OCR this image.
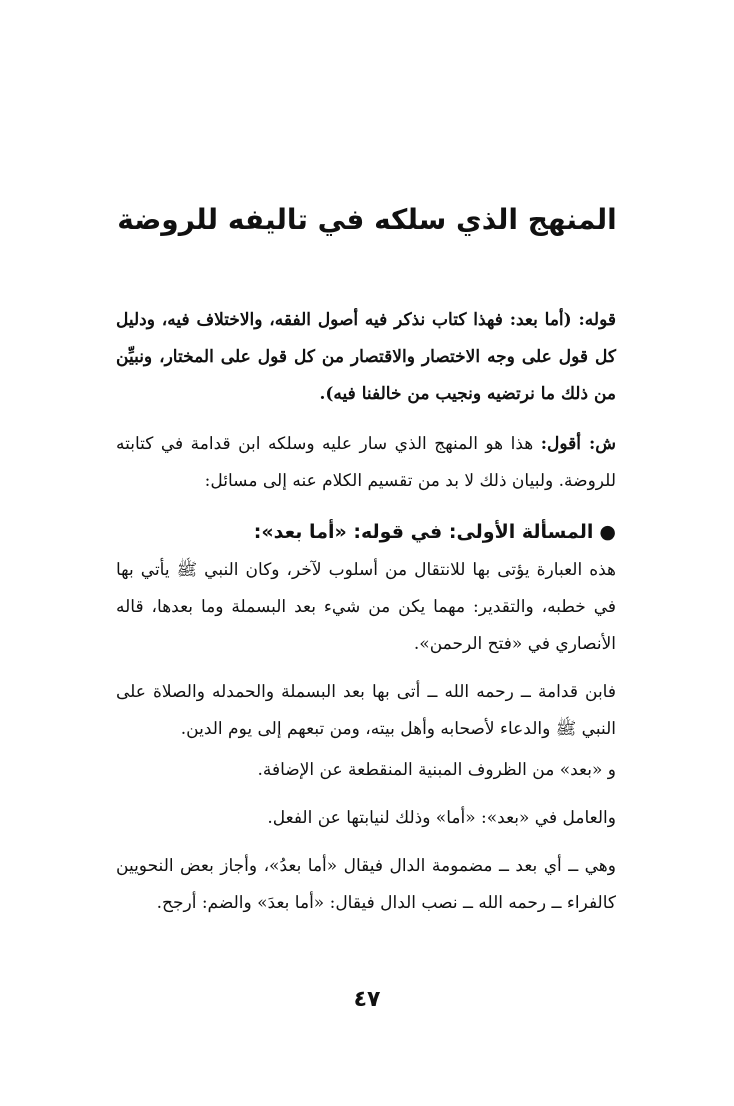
المنهج الذي سلكه في تاليفه للروضة

قوله: (أما بعد: فهذا كتاب نذكر فيه أصول الفقه، والاختلاف فيه، ودليل كل قول على وجه الاختصار والاقتصار من كل قول على المختار، ونبيِّن من ذلك ما نرتضيه ونجيب من خالفنا فيه).

ش: أقول: هذا هو المنهج الذي سار عليه وسلكه ابن قدامة في كتابته للروضة. ولبيان ذلك لا بد من تقسيم الكلام عنه إلى مسائل:

●المسألة الأولى: في قوله: «أما بعد»:

هذه العبارة يؤتى بها للانتقال من أسلوب لآخر، وكان النبي ﷺ يأتي بها في خطبه، والتقدير: مهما يكن من شيء بعد البسملة وما بعدها، قاله الأنصاري في «فتح الرحمن».

فابن قدامة ــ رحمه الله ــ أتى بها بعد البسملة والحمدله والصلاة على النبي ﷺ والدعاء لأصحابه وأهل بيته، ومن تبعهم إلى يوم الدين.

و «بعد» من الظروف المبنية المنقطعة عن الإضافة.

والعامل في «بعد»: «أما» وذلك لنيابتها عن الفعل.

وهي ــ أي بعد ــ مضمومة الدال فيقال «أما بعدُ»، وأجاز بعض النحويين كالفراء ــ رحمه الله ــ نصب الدال فيقال: «أما بعدَ» والضم: أرجح.

٤٧
